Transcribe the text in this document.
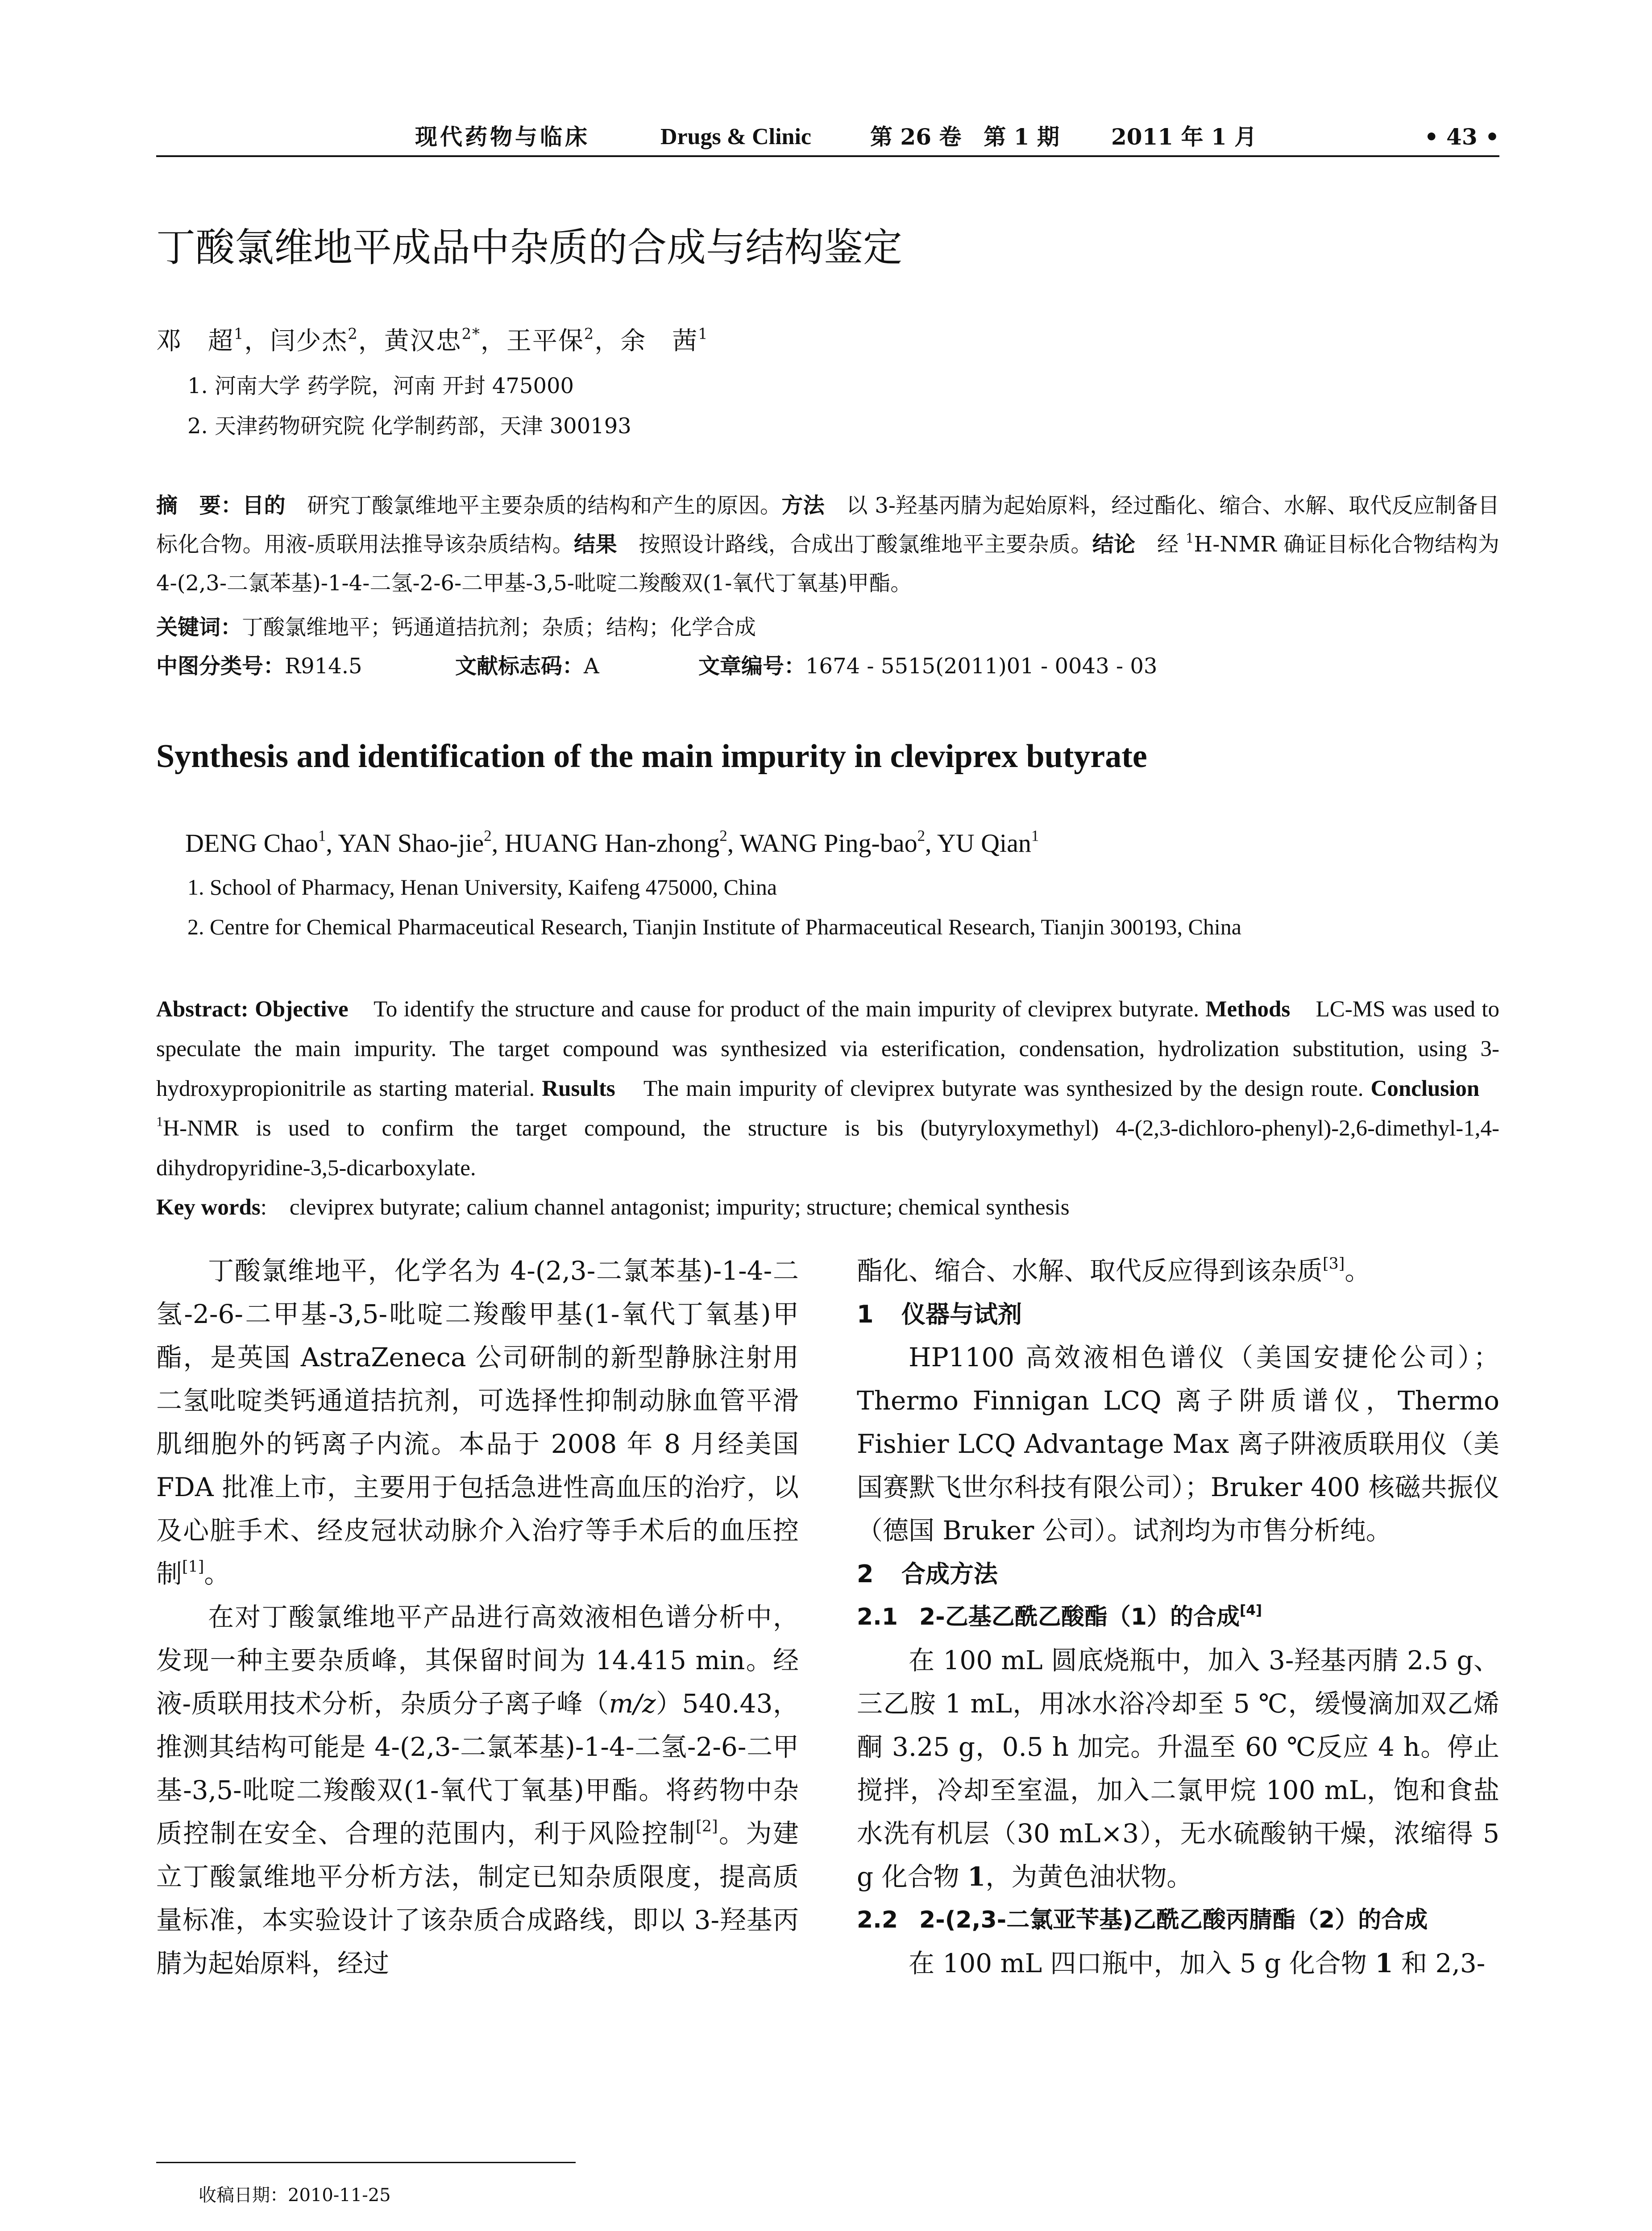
现代药物与临床	Drugs & Clinic	第 26 卷　第 1 期 2011 年 1 月	• 43 •
丁酸氯维地平成品中杂质的合成与结构鉴定
邓　超$^1$，闫少杰$^2$，黄汉忠$^{2*}$，王平保$^2$，余　茜$^1$
1. 河南大学 药学院，河南 开封 475000
2. 天津药物研究院 化学制药部，天津 300193

摘　要：目的　 研究丁酸氯维地平主要杂质的结构和产生的原因。方法　 以 3-羟基丙腈为起始原料，经过酯化、缩合、水解、取代反应制备目标化合物。用液-质联用法推导该杂质结构。结果　 按照设计路线，合成出丁酸氯维地平主要杂质。结论　 经 $^1$H-NMR 确证目标化合物结构为 4-(2,3-二氯苯基)-1-4-二氢-2-6-二甲基-3,5-吡啶二羧酸双(1-氧代丁氧基)甲酯。

关键词：丁酸氯维地平；钙通道拮抗剂；杂质；结构；化学合成
中图分类号：R914.5	文献标志码：A	文章编号：1674 - 5515(2011)01 - 0043 - 03
Synthesis and identification of the main impurity in cleviprex butyrate
DENG Chao$^1$, YAN Shao-jie$^2$, HUANG Han-zhong$^2$, WANG Ping-bao$^2$, YU Qian$^1$
1. School of Pharmacy, Henan University, Kaifeng 475000, China
2. Centre for Chemical Pharmaceutical Research, Tianjin Institute of Pharmaceutical Research, Tianjin 300193, China

Abstract: Objective To identify the structure and cause for product of the main impurity of cleviprex butyrate. Methods LC-MS was used to speculate the main impurity. The target compound was synthesized via esterification, condensation, hydrolization substitution, using 3-hydroxypropionitrile as starting material. Rusults The main impurity of cleviprex butyrate was synthesized by the design route. Conclusion    $^1$H-NMR is used to confirm the target compound, the structure is bis (butyryloxymethyl) 4-(2,3-dichloro-phenyl)-2,6-dimethyl-1,4-dihydropyridine-3,5-dicarboxylate.

Key words:    cleviprex butyrate; calium channel antagonist; impurity; structure; chemical synthesis

丁酸氯维地平，化学名为 4-(2,3-二氯苯基)-1-4-二氢-2-6-二甲基-3,5-吡啶二羧酸甲基(1-氧代丁氧基)甲酯，是英国 AstraZeneca 公司研制的新型静脉注射用二氢吡啶类钙通道拮抗剂，可选择性抑制动脉血管平滑肌细胞外的钙离子内流。本品于 2008 年 8 月经美国 FDA 批准上市，主要用于包括急进性高血压的治疗，以及心脏手术、经皮冠状动脉介入治疗等手术后的血压控制[1]。

在对丁酸氯维地平产品进行高效液相色谱分析中，发现一种主要杂质峰，其保留时间为 14.415 min。经液-质联用技术分析，杂质分子离子峰（m/z）540.43，推测其结构可能是 4-(2,3-二氯苯基)-1-4-二氢-2-6-二甲基-3,5-吡啶二羧酸双(1-氧代丁氧基)甲酯。将药物中杂质控制在安全、合理的范围内，利于风险控制[2]。为建立丁酸氯维地平分析方法，制定已知杂质限度，提高质量标准，本实验设计了该杂质合成路线，即以 3-羟基丙腈为起始原料，经过

酯化、缩合、水解、取代反应得到该杂质[3]。

1 仪器与试剂

HP1100 高效液相色谱仪（美国安捷伦公司）；Thermo Finnigan LCQ 离子阱质谱仪，Thermo Fishier LCQ Advantage Max 离子阱液质联用仪（美国赛默飞世尔科技有限公司）；Bruker 400 核磁共振仪（德国 Bruker 公司）。试剂均为市售分析纯。

2 合成方法
2.1 2-乙基乙酰乙酸酯（1）的合成[4]

在 100 mL 圆底烧瓶中，加入 3-羟基丙腈 2.5 g、三乙胺 1 mL，用冰水浴冷却至 5 ℃，缓慢滴加双乙烯酮 3.25 g，0.5 h 加完。升温至 60 ℃反应 4 h。停止搅拌，冷却至室温，加入二氯甲烷 100 mL，饱和食盐水洗有机层（30 mL×3），无水硫酸钠干燥，浓缩得 5 g 化合物 1，为黄色油状物。

2.2 2-(2,3-二氯亚苄基)乙酰乙酸丙腈酯（2）的合成

在 100 mL 四口瓶中，加入 5 g 化合物 1 和 2,3-

收稿日期：2010-11-25
